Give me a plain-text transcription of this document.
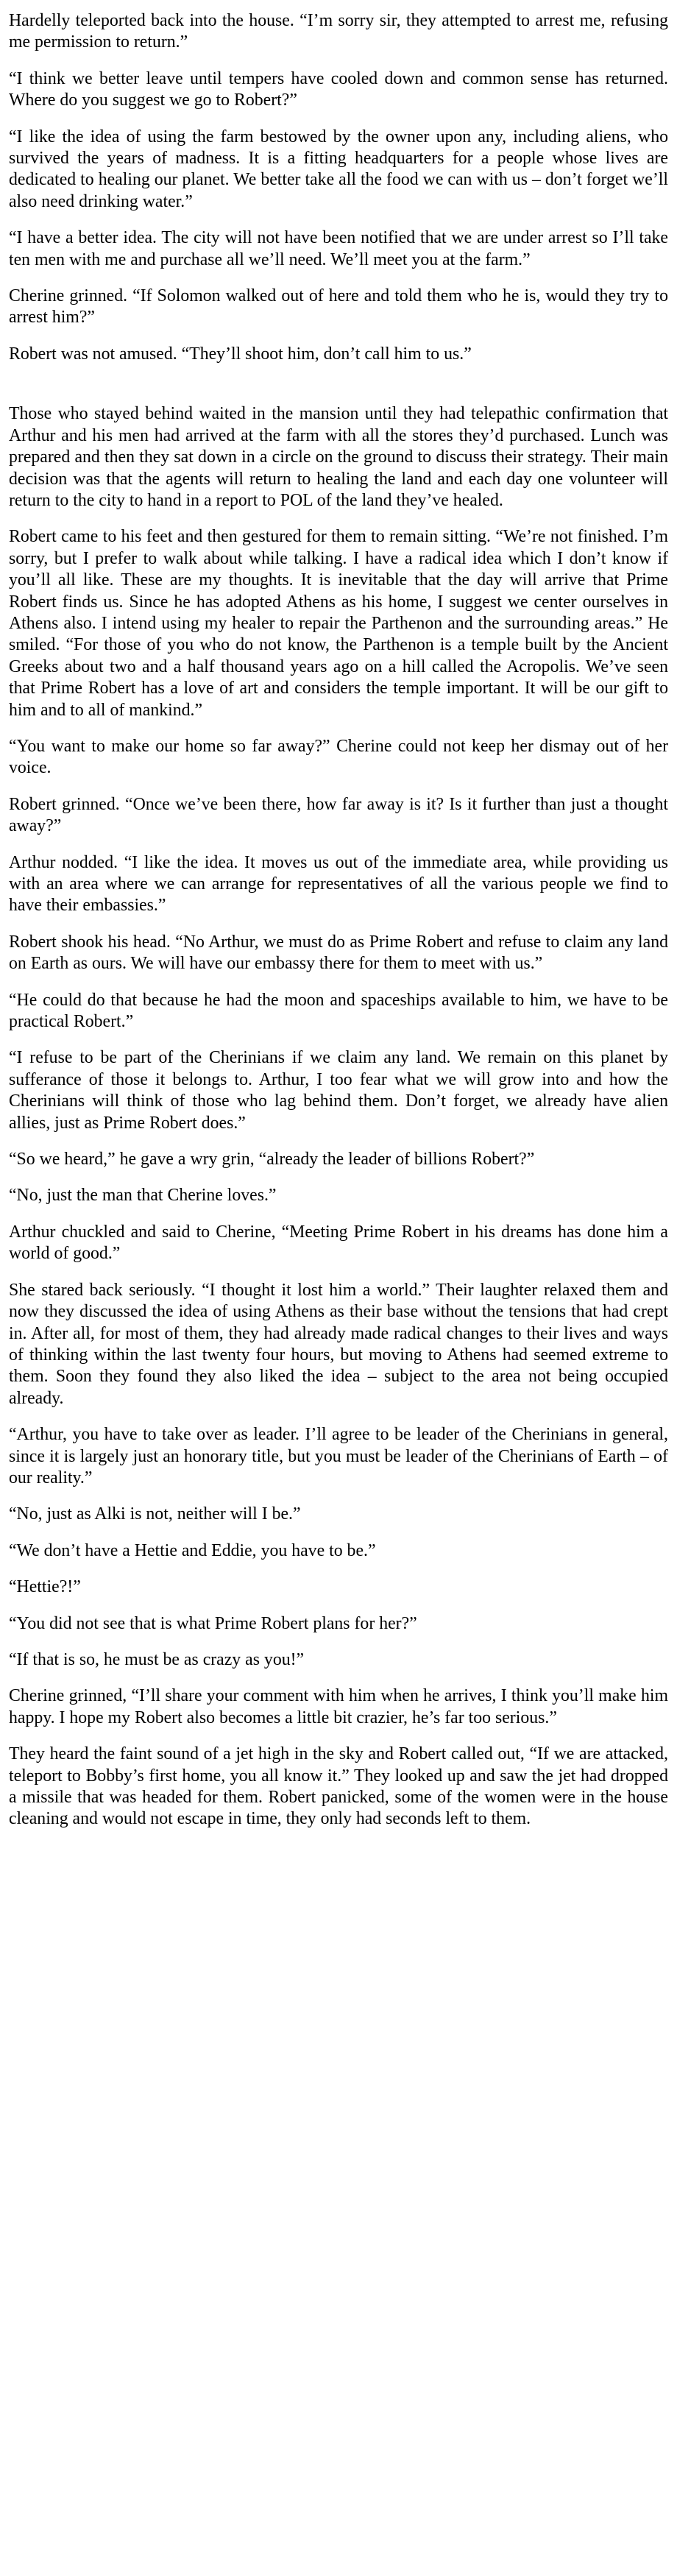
Hardelly teleported back into the house. “I’m sorry sir, they attempted to arrest me, refusing me permission to return.”

“I think we better leave until tempers have cooled down and common sense has returned. Where do you suggest we go to Robert?”

“I like the idea of using the farm bestowed by the owner upon any, including aliens, who survived the years of madness. It is a fitting headquarters for a people whose lives are dedicated to healing our planet. We better take all the food we can with us – don’t forget we’ll also need drinking water.”

“I have a better idea. The city will not have been notified that we are under arrest so I’ll take ten men with me and purchase all we’ll need. We’ll meet you at the farm.”

Cherine grinned. “If Solomon walked out of here and told them who he is, would they try to arrest him?”

Robert was not amused. “They’ll shoot him, don’t call him to us.”

Those who stayed behind waited in the mansion until they had telepathic confirmation that Arthur and his men had arrived at the farm with all the stores they’d purchased. Lunch was prepared and then they sat down in a circle on the ground to discuss their strategy. Their main decision was that the agents will return to healing the land and each day one volunteer will return to the city to hand in a report to POL of the land they’ve healed.

Robert came to his feet and then gestured for them to remain sitting. “We’re not finished. I’m sorry, but I prefer to walk about while talking. I have a radical idea which I don’t know if you’ll all like. These are my thoughts. It is inevitable that the day will arrive that Prime Robert finds us. Since he has adopted Athens as his home, I suggest we center ourselves in Athens also. I intend using my healer to repair the Parthenon and the surrounding areas.” He smiled. “For those of you who do not know, the Parthenon is a temple built by the Ancient Greeks about two and a half thousand years ago on a hill called the Acropolis. We’ve seen that Prime Robert has a love of art and considers the temple important. It will be our gift to him and to all of mankind.”

“You want to make our home so far away?” Cherine could not keep her dismay out of her voice.

Robert grinned. “Once we’ve been there, how far away is it? Is it further than just a thought away?”

Arthur nodded. “I like the idea. It moves us out of the immediate area, while providing us with an area where we can arrange for representatives of all the various people we find to have their embassies.”

Robert shook his head. “No Arthur, we must do as Prime Robert and refuse to claim any land on Earth as ours. We will have our embassy there for them to meet with us.”

“He could do that because he had the moon and spaceships available to him, we have to be practical Robert.”

“I refuse to be part of the Cherinians if we claim any land. We remain on this planet by sufferance of those it belongs to. Arthur, I too fear what we will grow into and how the Cherinians will think of those who lag behind them. Don’t forget, we already have alien allies, just as Prime Robert does.”

“So we heard,” he gave a wry grin, “already the leader of billions Robert?”

“No, just the man that Cherine loves.”

Arthur chuckled and said to Cherine, “Meeting Prime Robert in his dreams has done him a world of good.”

She stared back seriously. “I thought it lost him a world.” Their laughter relaxed them and now they discussed the idea of using Athens as their base without the tensions that had crept in. After all, for most of them, they had already made radical changes to their lives and ways of thinking within the last twenty four hours, but moving to Athens had seemed extreme to them. Soon they found they also liked the idea – subject to the area not being occupied already.

“Arthur, you have to take over as leader. I’ll agree to be leader of the Cherinians in general, since it is largely just an honorary title, but you must be leader of the Cherinians of Earth – of our reality.”

“No, just as Alki is not, neither will I be.”

“We don’t have a Hettie and Eddie, you have to be.”

“Hettie?!”

“You did not see that is what Prime Robert plans for her?”

“If that is so, he must be as crazy as you!”

Cherine grinned, “I’ll share your comment with him when he arrives, I think you’ll make him happy. I hope my Robert also becomes a little bit crazier, he’s far too serious.”

They heard the faint sound of a jet high in the sky and Robert called out, “If we are attacked, teleport to Bobby’s first home, you all know it.” They looked up and saw the jet had dropped a missile that was headed for them. Robert panicked, some of the women were in the house cleaning and would not escape in time, they only had seconds left to them.
